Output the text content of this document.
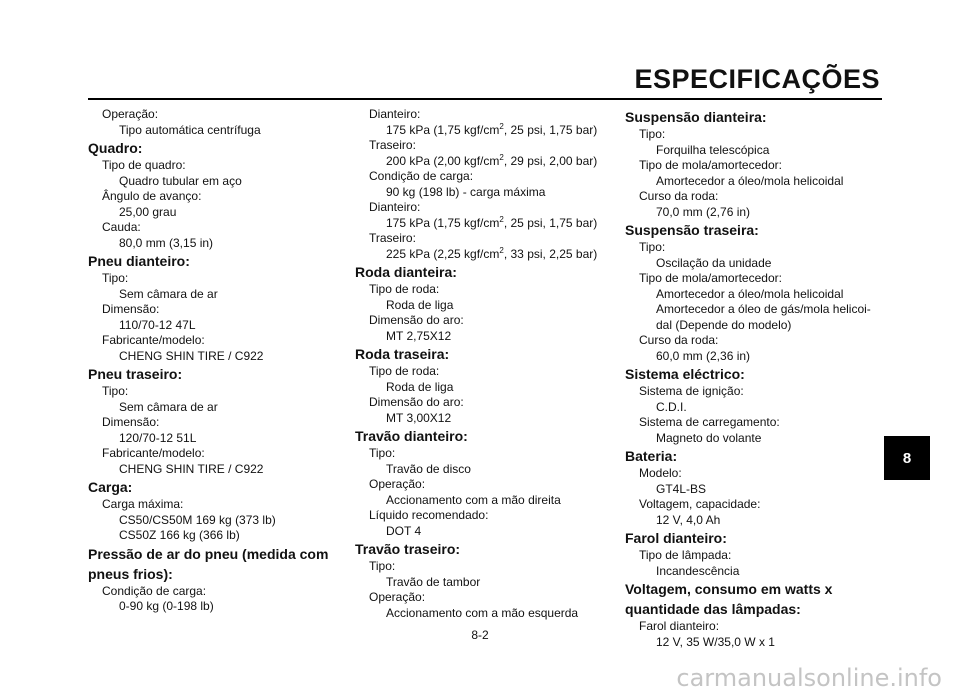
ESPECIFICAÇÕES
Operação:
Tipo automática centrífuga
Quadro:
Tipo de quadro:
Quadro tubular em aço
Ângulo de avanço:
25,00 grau
Cauda:
80,0 mm (3,15 in)
Pneu dianteiro:
Tipo:
Sem câmara de ar
Dimensão:
110/70-12 47L
Fabricante/modelo:
CHENG SHIN TIRE / C922
Pneu traseiro:
Tipo:
Sem câmara de ar
Dimensão:
120/70-12 51L
Fabricante/modelo:
CHENG SHIN TIRE / C922
Carga:
Carga máxima:
CS50/CS50M 169 kg (373 lb)
CS50Z 166 kg (366 lb)
Pressão de ar do pneu (medida com
pneus frios):
Condição de carga:
0-90 kg (0-198 lb)
Dianteiro:
175 kPa (1,75 kgf/$cm^2$, 25 psi, 1,75 bar)
Traseiro:
200 kPa (2,00 kgf/$cm^2$, 29 psi, 2,00 bar)
Condição de carga:
90 kg (198 lb) - carga máxima
Dianteiro:
175 kPa (1,75 kgf/$cm^2$, 25 psi, 1,75 bar)
Traseiro:
225 kPa (2,25 kgf/$cm^2$, 33 psi, 2,25 bar)
Roda dianteira:
Tipo de roda:
Roda de liga
Dimensão do aro:
MT 2,75X12
Roda traseira:
Tipo de roda:
Roda de liga
Dimensão do aro:
MT 3,00X12
Travão dianteiro:
Tipo:
Travão de disco
Operação:
Accionamento com a mão direita
Líquido recomendado:
DOT 4
Travão traseiro:
Tipo:
Travão de tambor
Operação:
Accionamento com a mão esquerda
Suspensão dianteira:
Tipo:
Forquilha telescópica
Tipo de mola/amortecedor:
Amortecedor a óleo/mola helicoidal
Curso da roda:
70,0 mm (2,76 in)
Suspensão traseira:
Tipo:
Oscilação da unidade
Tipo de mola/amortecedor:
Amortecedor a óleo/mola helicoidal
Amortecedor a óleo de gás/mola helicoi-
dal (Depende do modelo)
Curso da roda:
60,0 mm (2,36 in)
Sistema eléctrico:
Sistema de ignição:
C.D.I.
Sistema de carregamento:
Magneto do volante
Bateria:
Modelo:
GT4L-BS
Voltagem, capacidade:
12 V, 4,0 Ah
Farol dianteiro:
Tipo de lâmpada:
Incandescência
Voltagem, consumo em watts x
quantidade das lâmpadas:
Farol dianteiro:
12 V, 35 W/35,0 W x 1
8
8-2
carmanualsonline.info
